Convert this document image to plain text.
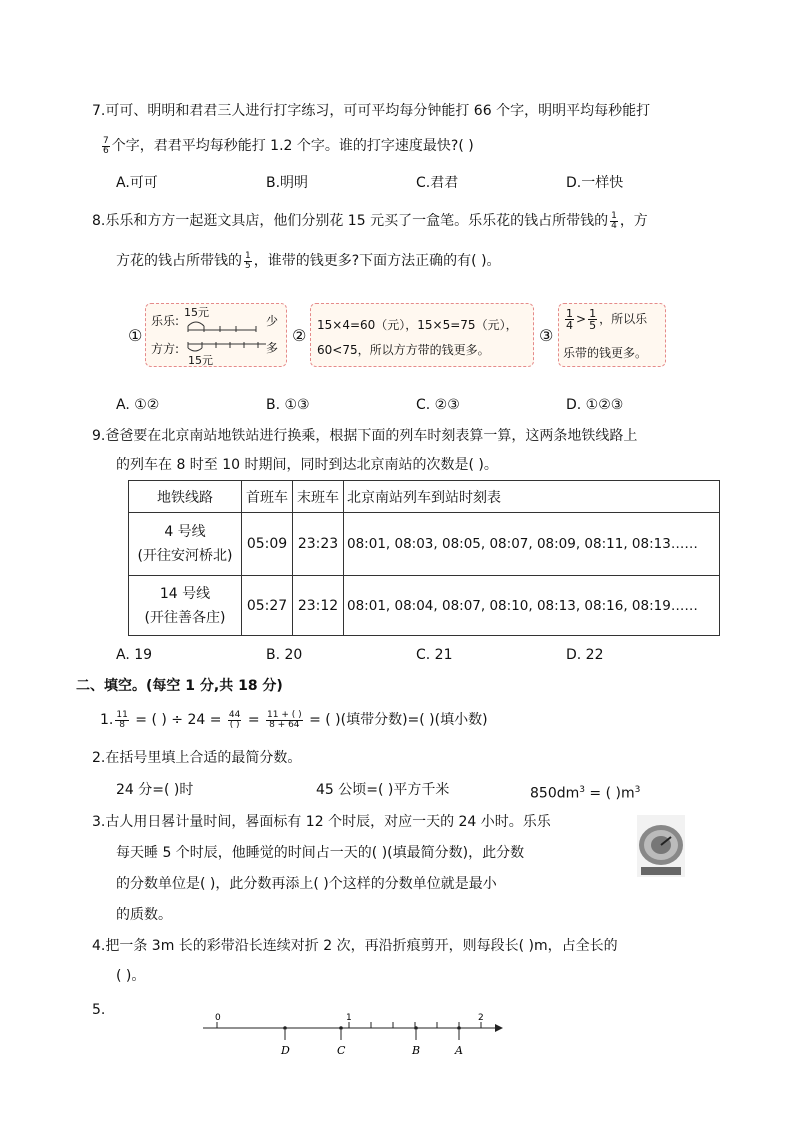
7.可可、明明和君君三人进行打字练习，可可平均每分钟能打 66 个字，明明平均每秒能打
$\frac{7}{6}$ 个字，君君平均每秒能打 1.2 个字。谁的打字速度最快?( )
A.可可	B.明明	C.君君	D.一样快
8.乐乐和方方一起逛文具店，他们分别花 15 元买了一盒笔。乐乐花的钱占所带钱的 $\frac{1}{4}$ ，方
方花的钱占所带钱的 $\frac{1}{5}$ ，谁带的钱更多?下面方法正确的有( )。
①
乐乐:
方方:
15元
15元
少
多
②
15×4=60（元），15×5=75（元），
60<75，所以方方带的钱更多。
③
$\frac{1}{4} > \frac{1}{5}$ ，所以乐
乐带的钱更多。
A. ①②	B. ①③	C. ②③	D. ①②③
9.爸爸要在北京南站地铁站进行换乘，根据下面的列车时刻表算一算，这两条地铁线路上
的列车在 8 时至 10 时期间，同时到达北京南站的次数是( )。
地铁线路	首班车	末班车	北京南站列车到站时刻表

4 号线
(开往安河桥北)	05:09	23:23	08:01, 08:03, 08:05, 08:07, 08:09, 08:11, 08:13……

14 号线
(开往善各庄)	05:27	23:12	08:01, 08:04, 08:07, 08:10, 08:13, 08:16, 08:19……
A. 19	B. 20	C. 21	D. 22
二、填空。(每空 1 分,共 18 分)
1. $\frac{11}{8}$ = ( ) ÷ $24 = \frac{44}{( )} = \frac{11 + ( )}{8 + 64}$ = ( )(填带分数)=( )(填小数)
2.在括号里填上合适的最简分数。
24 分=( )时	45 公顷=( )平方千米	$850dm^3$ = ( )$m^3$
3.古人用日晷计量时间，晷面标有 12 个时辰，对应一天的 24 小时。乐乐
每天睡 5 个时辰，他睡觉的时间占一天的( )(填最简分数)，此分数
的分数单位是( )，此分数再添上( )个这样的分数单位就是最小
的质数。
4.把一条 3m 长的彩带沿长连续对折 2 次，再沿折痕剪开，则每段长( )m，占全长的
( )。
5.	0	1	2
D	C	B	A
